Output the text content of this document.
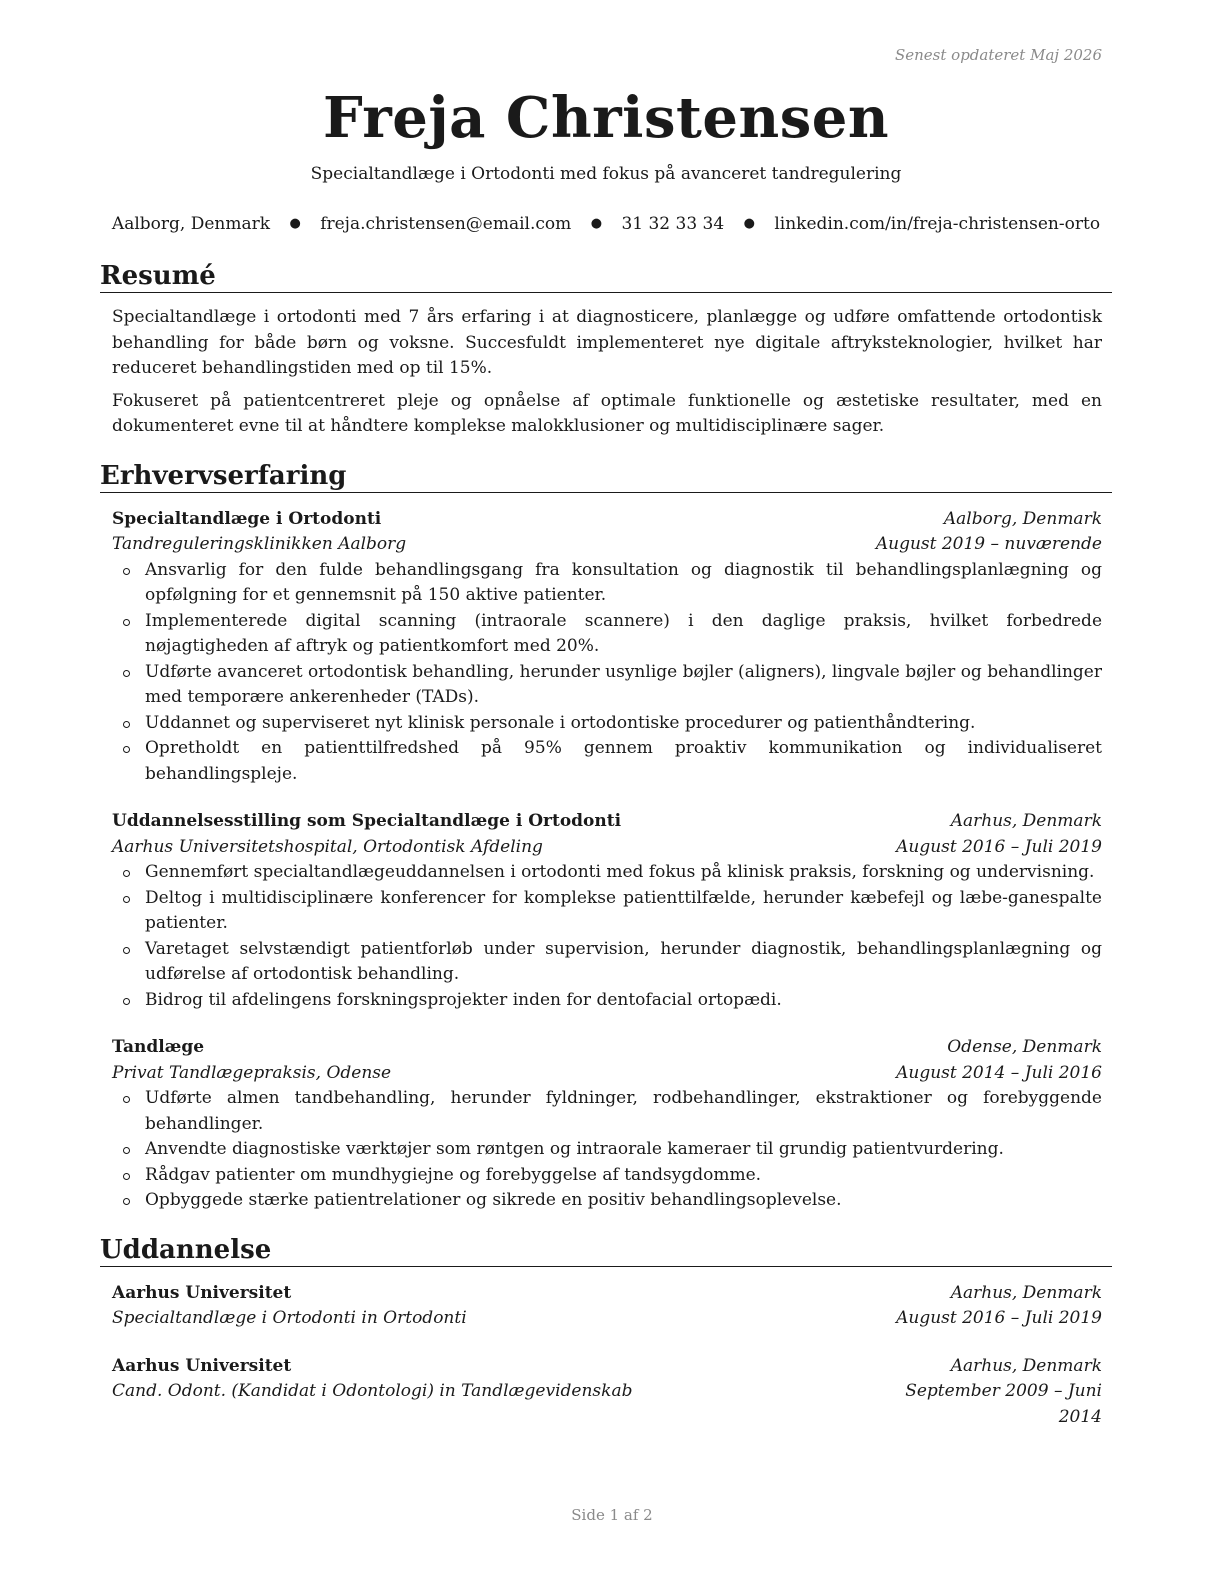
Senest opdateret Maj 2026
Freja Christensen
Specialtandlæge i Ortodonti med fokus på avanceret tandregulering
Aalborg, Denmark ● freja.christensen@email.com ● 31 32 33 34 ● linkedin.com/in/freja-christensen-orto
Resumé

Specialtandlæge i ortodonti med 7 års erfaring i at diagnosticere, planlægge og udføre omfattende ortodontisk behandling for både børn og voksne. Succesfuldt implementeret nye digitale aftryksteknologier, hvilket har reduceret behandlingstiden med op til 15%.

Fokuseret på patientcentreret pleje og opnåelse af optimale funktionelle og æstetiske resultater, med en dokumenteret evne til at håndtere komplekse malokklusioner og multidisciplinære sager.

Erhvervserfaring
Specialtandlæge i Ortodonti	Aalborg, Denmark
Tandreguleringsklinikken Aalborg	August 2019 – nuværende
Ansvarlig for den fulde behandlingsgang fra konsultation og diagnostik til behandlingsplanlægning og opfølgning for et gennemsnit på 150 aktive patienter.
Implementerede digital scanning (intraorale scannere) i den daglige praksis, hvilket forbedrede nøjagtigheden af aftryk og patientkomfort med 20%.
Udførte avanceret ortodontisk behandling, herunder usynlige bøjler (aligners), lingvale bøjler og behandlinger med temporære ankerenheder (TADs).
Uddannet og superviseret nyt klinisk personale i ortodontiske procedurer og patienthåndtering.
Opretholdt en patienttilfredshed på 95% gennem proaktiv kommunikation og individualiseret behandlingspleje.
Uddannelsesstilling som Specialtandlæge i Ortodonti	Aarhus, Denmark
Aarhus Universitetshospital, Ortodontisk Afdeling	August 2016 – Juli 2019
Gennemført specialtandlægeuddannelsen i ortodonti med fokus på klinisk praksis, forskning og undervisning.
Deltog i multidisciplinære konferencer for komplekse patienttilfælde, herunder kæbefejl og læbe-ganespalte patienter.
Varetaget selvstændigt patientforløb under supervision, herunder diagnostik, behandlingsplanlægning og udførelse af ortodontisk behandling.
Bidrog til afdelingens forskningsprojekter inden for dentofacial ortopædi.
Tandlæge	Odense, Denmark
Privat Tandlægepraksis, Odense	August 2014 – Juli 2016
Udførte almen tandbehandling, herunder fyldninger, rodbehandlinger, ekstraktioner og forebyggende behandlinger.
Anvendte diagnostiske værktøjer som røntgen og intraorale kameraer til grundig patientvurdering.
Rådgav patienter om mundhygiejne og forebyggelse af tandsygdomme.
Opbyggede stærke patientrelationer og sikrede en positiv behandlingsoplevelse.
Uddannelse
Aarhus Universitet	Aarhus, Denmark
Specialtandlæge i Ortodonti in Ortodonti	August 2016 – Juli 2019
Aarhus Universitet	Aarhus, Denmark
Cand. Odont. (Kandidat i Odontologi) in Tandlægevidenskab	September 2009 – Juni 2014
Side 1 af 2
